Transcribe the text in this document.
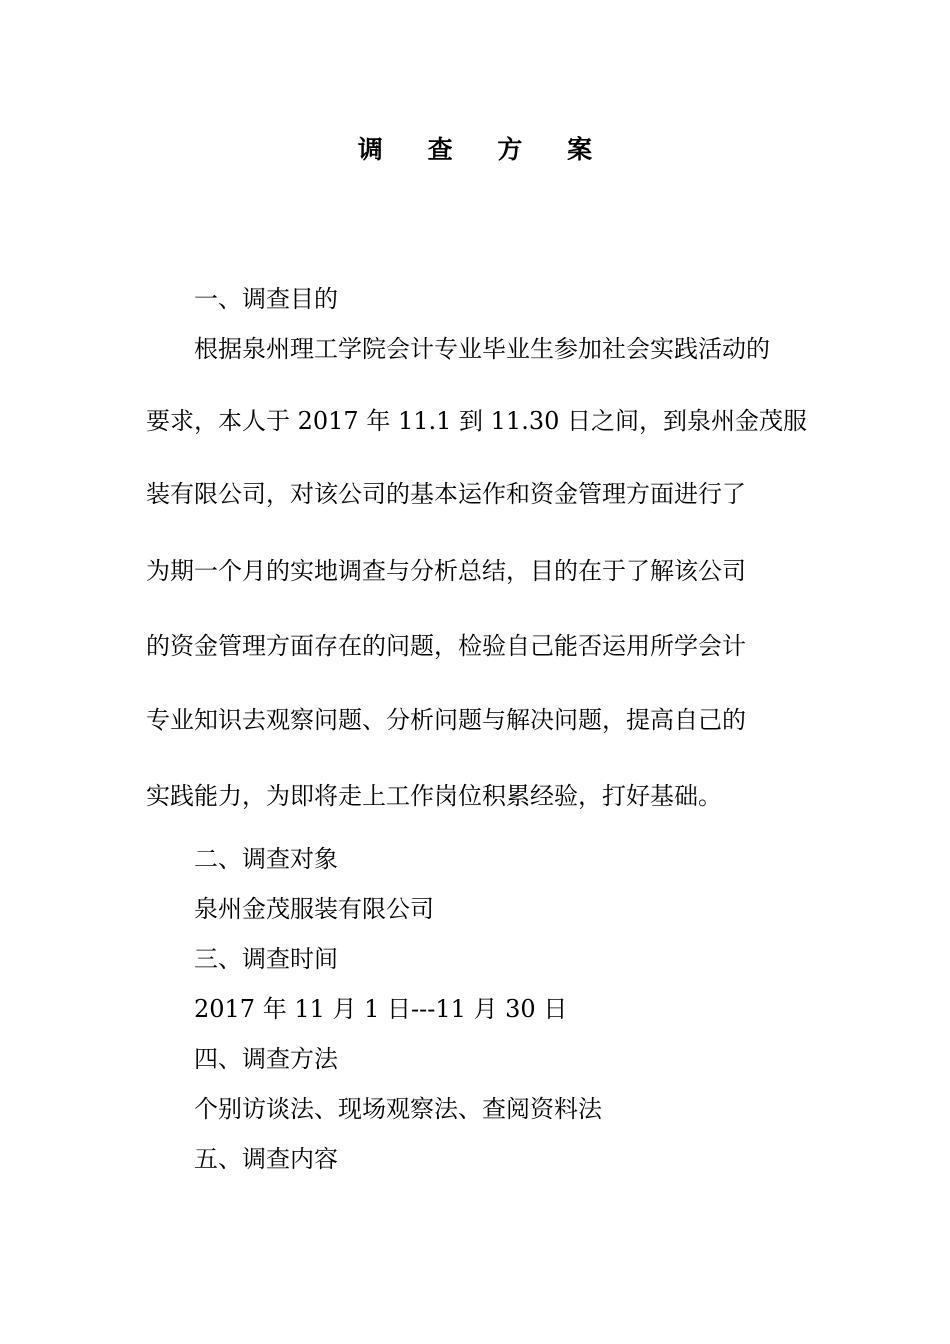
调 查 方 案
一、调查目的
根据泉州理工学院会计专业毕业生参加社会实践活动的
要求，本人于 2017 年 11.1 到 11.30 日之间，到泉州金茂服
装有限公司，对该公司的基本运作和资金管理方面进行了
为期一个月的实地调查与分析总结，目的在于了解该公司
的资金管理方面存在的问题，检验自己能否运用所学会计
专业知识去观察问题、分析问题与解决问题，提高自己的
实践能力，为即将走上工作岗位积累经验，打好基础。
二、调查对象
泉州金茂服装有限公司
三、调查时间
2017 年 11 月 1 日---11 月 30 日
四、调查方法
个别访谈法、现场观察法、查阅资料法
五、调查内容
